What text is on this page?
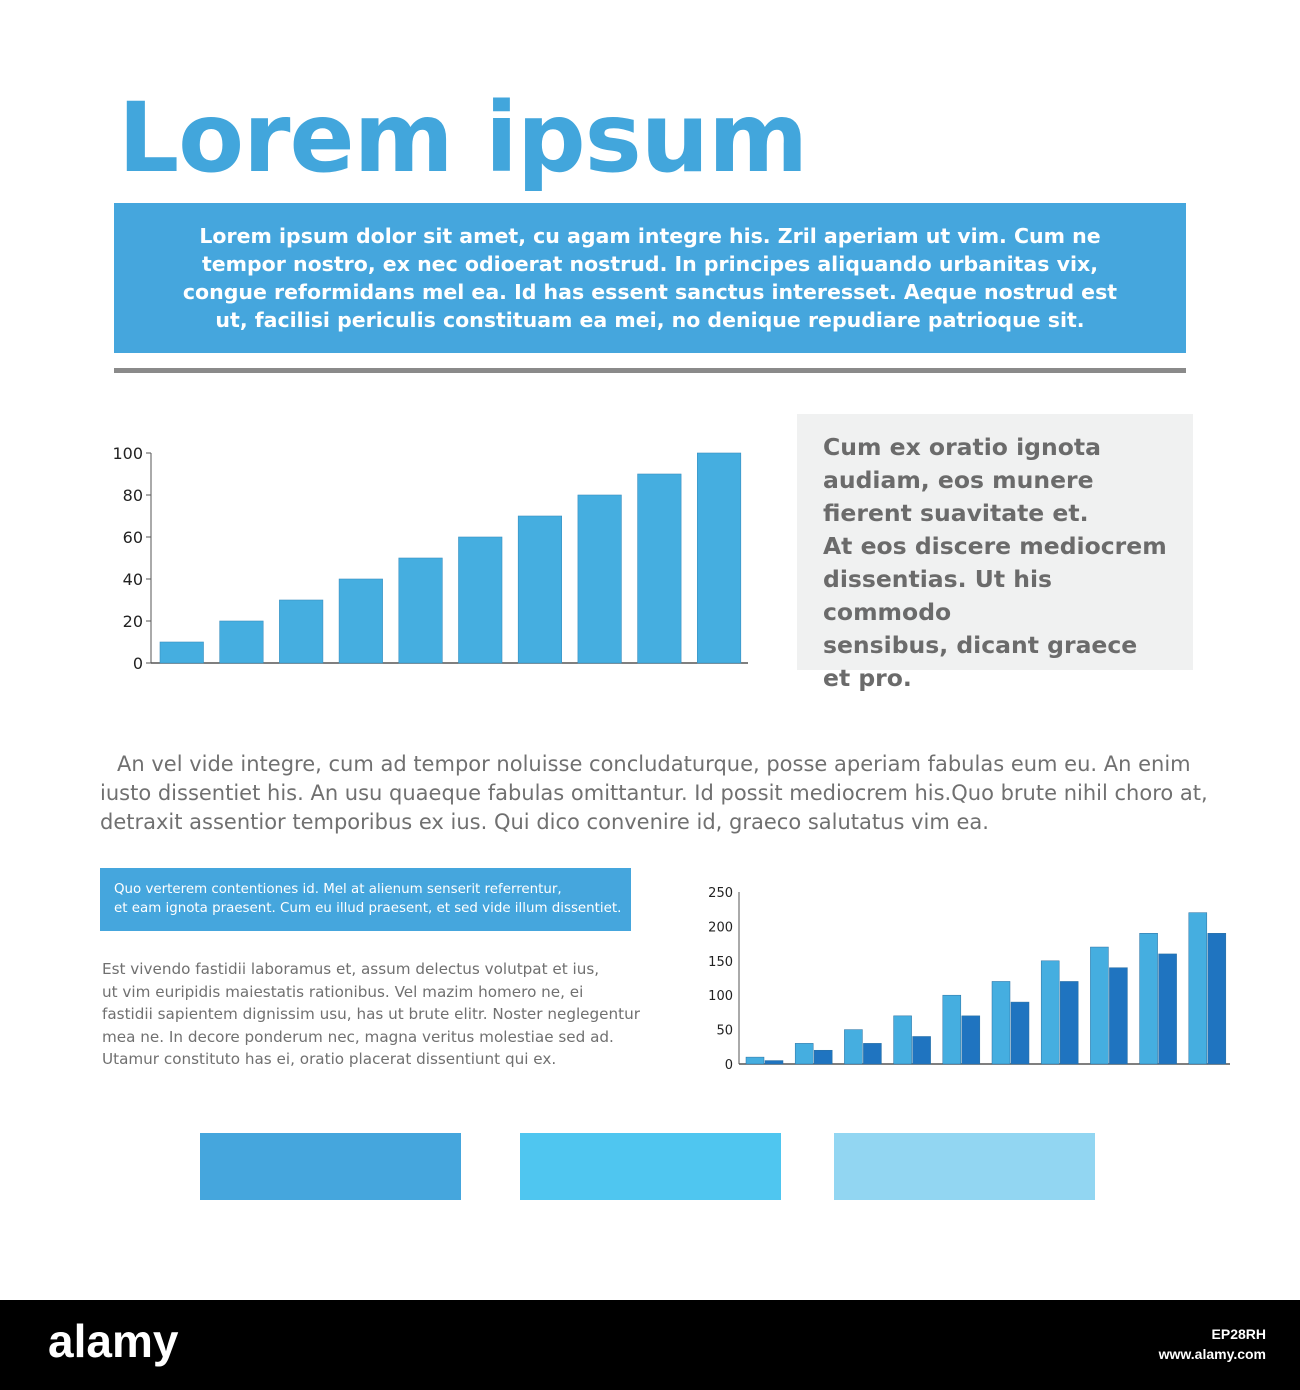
Lorem ipsum
Lorem ipsum dolor sit amet, cu agam integre his. Zril aperiam ut vim. Cum ne tempor nostro, ex nec odioerat nostrud. In principes aliquando urbanitas vix, congue reformidans mel ea. Id has essent sanctus interesset. Aeque nostrud est ut, facilisi periculis constituam ea mei, no denique repudiare patrioque sit.
0
20
40
60
80
100	Cum ex oratio ignota
audiam, eos munere
fierent suavitate et.
At eos discere mediocrem
dissentias. Ut his commodo
sensibus, dicant graece
et pro.

An vel vide integre, cum ad tempor noluisse concludaturque, posse aperiam fabulas eum eu. An enim iusto dissentiet his. An usu quaeque fabulas omittantur. Id possit mediocrem his.Quo brute nihil choro at, detraxit assentior temporibus ex ius. Qui dico convenire id, graeco salutatus vim ea.

Quo verterem contentiones id. Mel at alienum senserit referrentur,
et eam ignota praesent. Cum eu illud praesent, et sed vide illum dissentiet.

Est vivendo fastidii laboramus et, assum delectus volutpat et ius,
ut vim euripidis maiestatis rationibus. Vel mazim homero ne, ei
fastidii sapientem dignissim usu, has ut brute elitr. Noster neglegentur
mea ne. In decore ponderum nec, magna veritus molestiae sed ad.
Utamur constituto has ei, oratio placerat dissentiunt qui ex.	0
50
100
150
200
250
alamy	EP28RH
www.alamy.com
